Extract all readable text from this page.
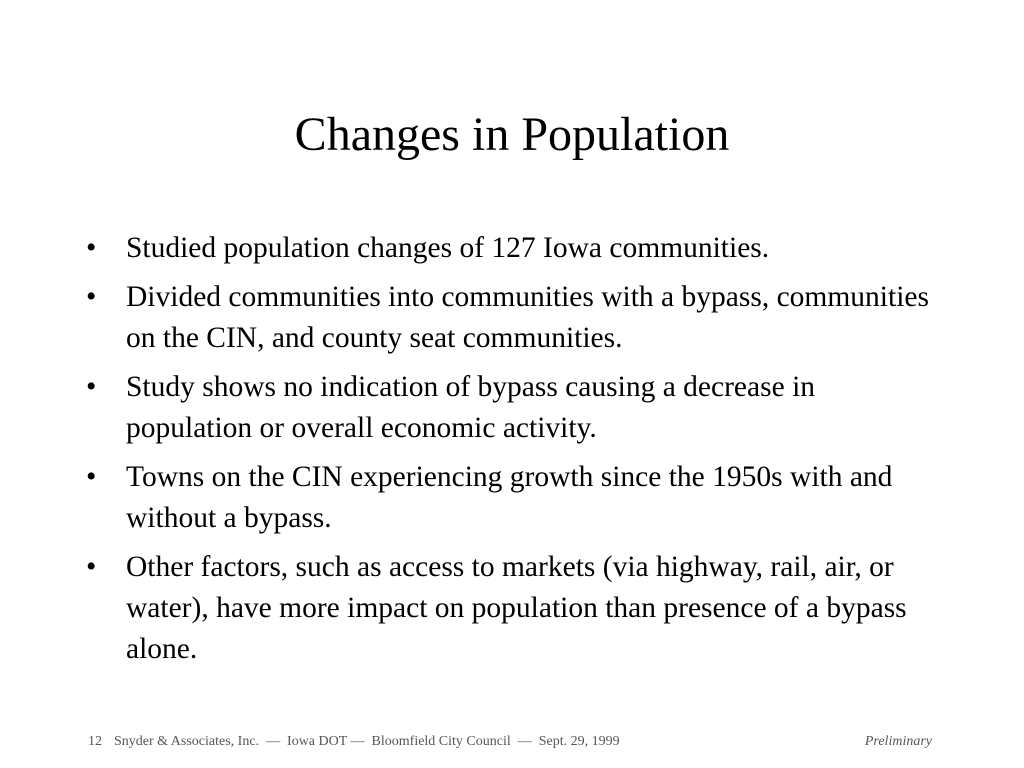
Changes in Population
• Studied population changes of 127 Iowa communities.
• Divided communities into communities with a bypass, communities on the CIN, and county seat communities.
• Study shows no indication of bypass causing a decrease in population or overall economic activity.
• Towns on the CIN experiencing growth since the 1950s with and without a bypass.
• Other factors, such as access to markets (via highway, rail, air, or water), have more impact on population than presence of a bypass alone.
12 Snyder & Associates, Inc.  —  Iowa DOT —  Bloomfield City Council  —  Sept. 29, 1999	Preliminary
